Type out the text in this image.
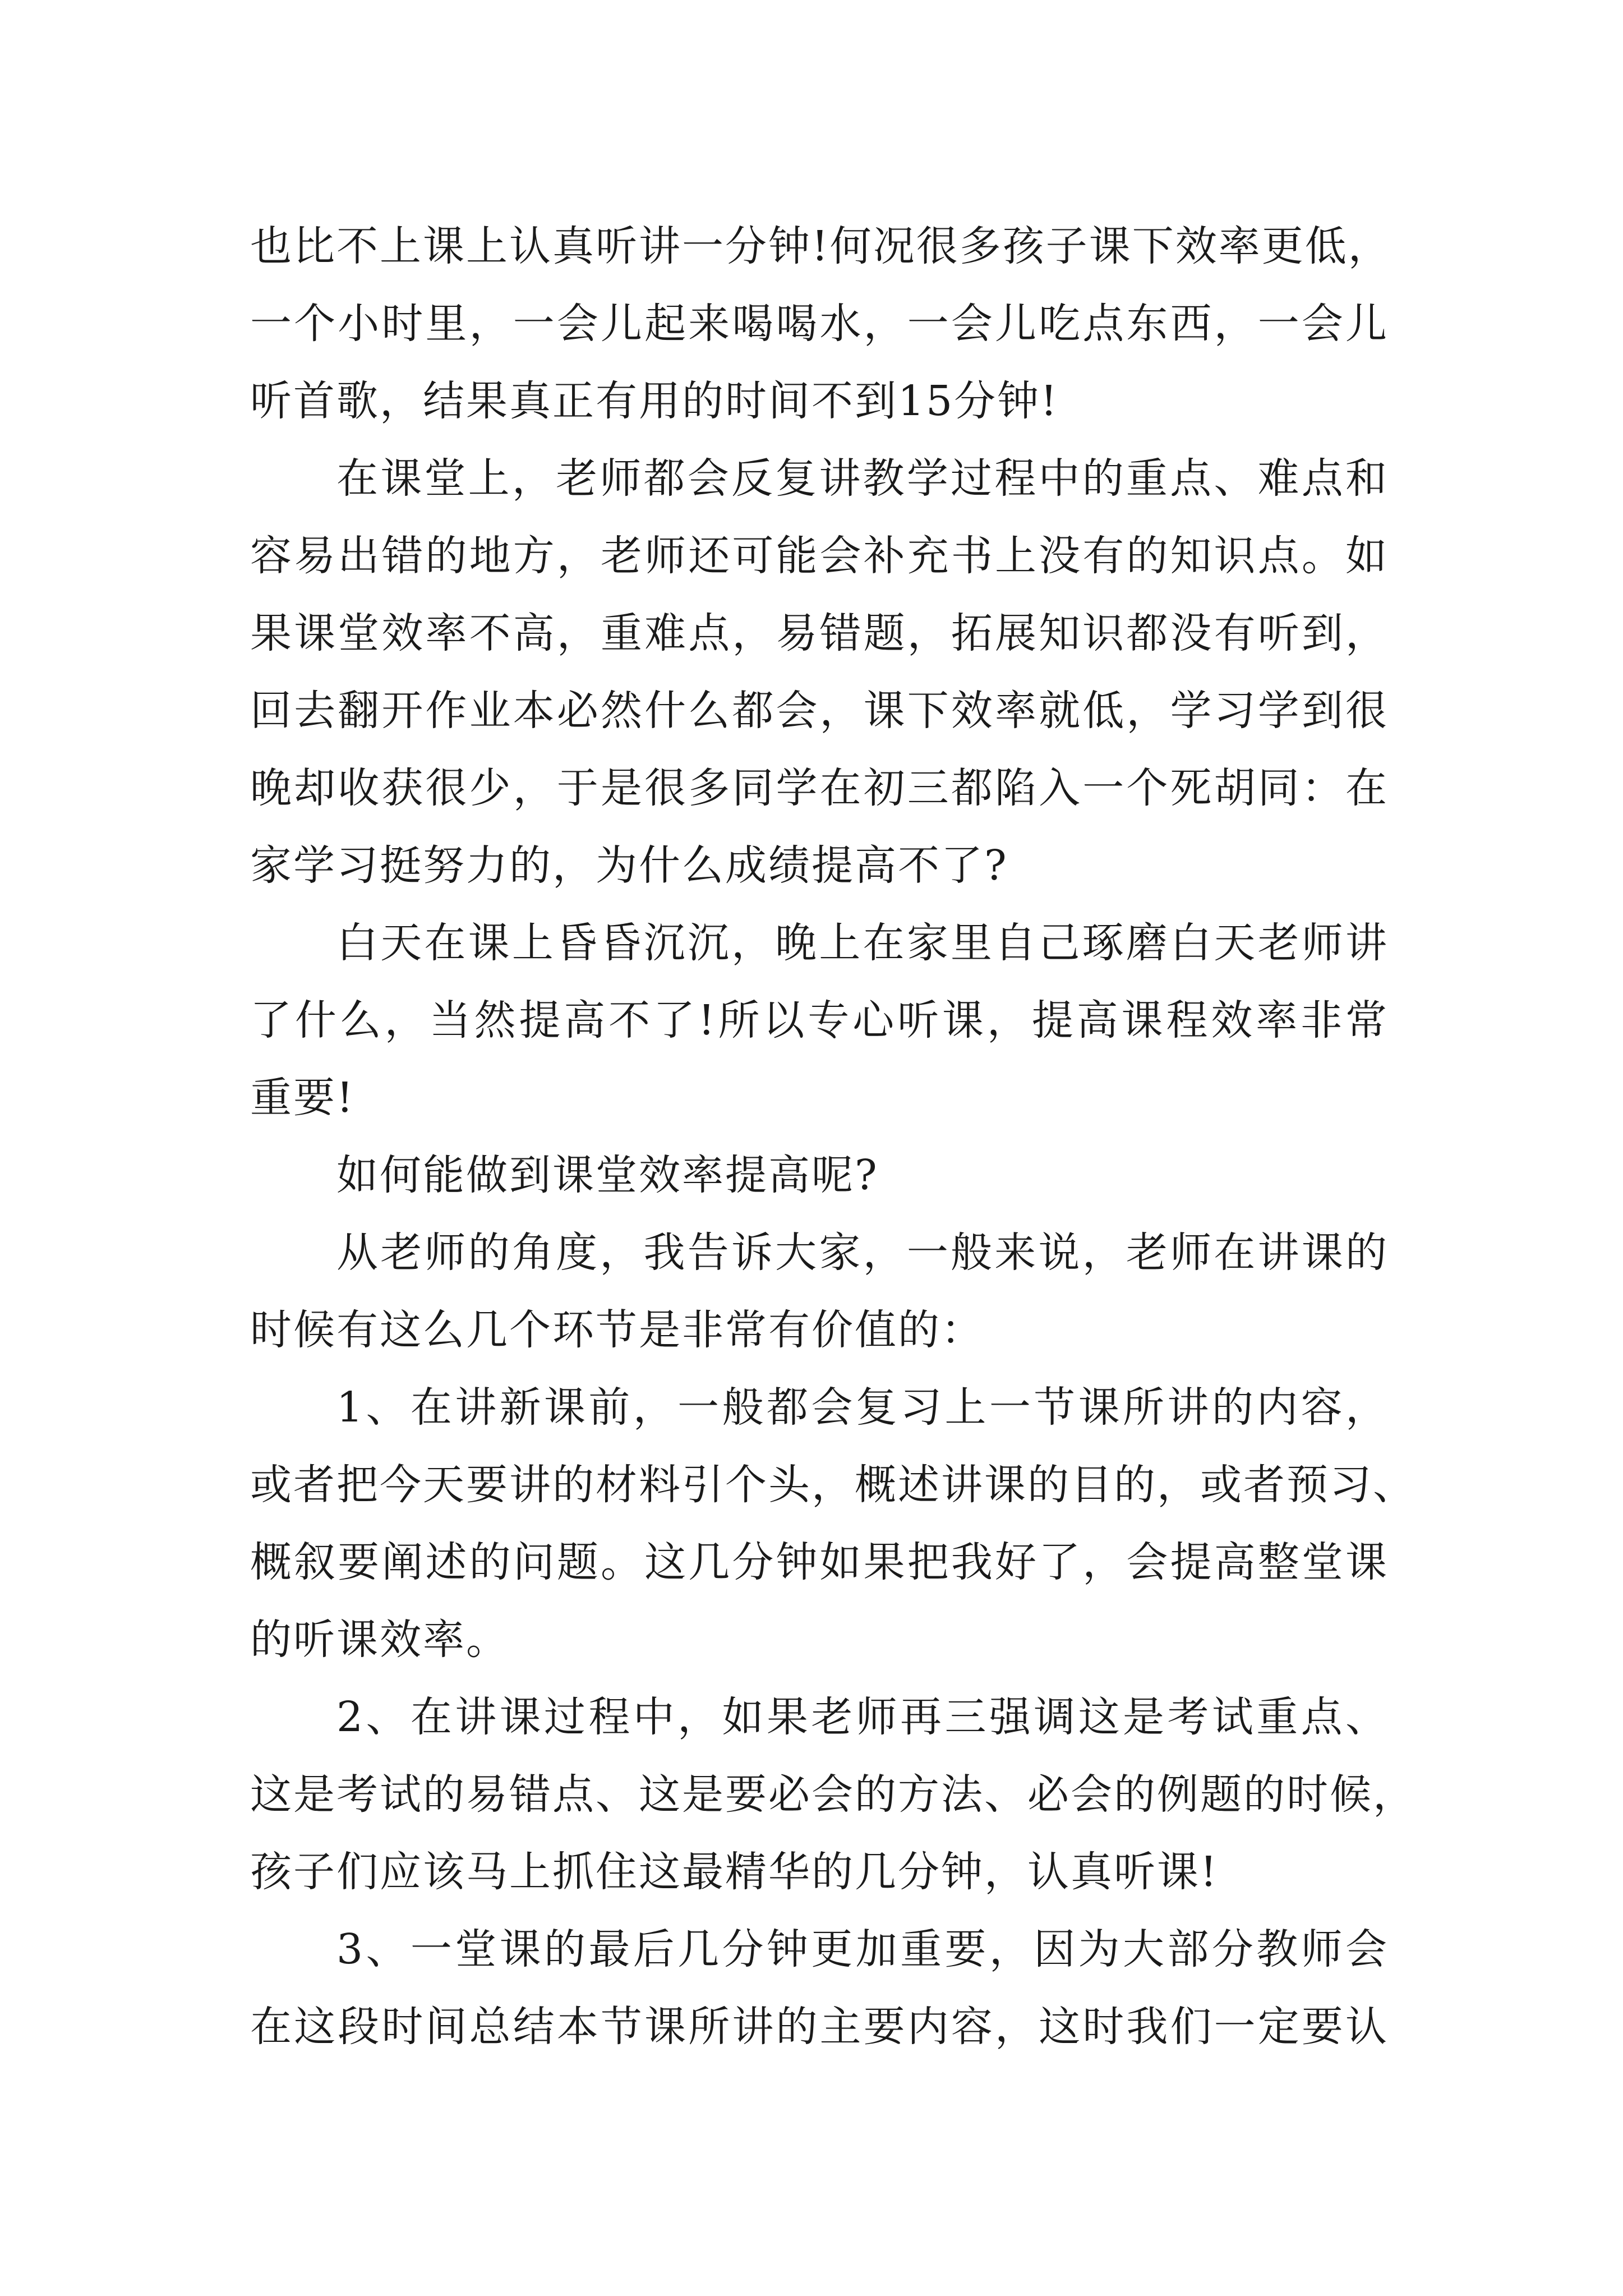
也比不上课上认真听讲一分钟!何况很多孩子课下效率更低，
一个小时里，一会儿起来喝喝水，一会儿吃点东西，一会儿
听首歌，结果真正有用的时间不到15分钟!
在课堂上，老师都会反复讲教学过程中的重点、难点和
容易出错的地方，老师还可能会补充书上没有的知识点。如
果课堂效率不高，重难点，易错题，拓展知识都没有听到，
回去翻开作业本必然什么都会，课下效率就低，学习学到很
晚却收获很少，于是很多同学在初三都陷入一个死胡同：在
家学习挺努力的，为什么成绩提高不了?
白天在课上昏昏沉沉，晚上在家里自己琢磨白天老师讲
了什么，当然提高不了!所以专心听课，提高课程效率非常
重要!
如何能做到课堂效率提高呢?
从老师的角度，我告诉大家，一般来说，老师在讲课的
时候有这么几个环节是非常有价值的：
1、在讲新课前，一般都会复习上一节课所讲的内容，
或者把今天要讲的材料引个头，概述讲课的目的，或者预习、
概叙要阐述的问题。这几分钟如果把我好了，会提高整堂课
的听课效率。
2、在讲课过程中，如果老师再三强调这是考试重点、
这是考试的易错点、这是要必会的方法、必会的例题的时候，
孩子们应该马上抓住这最精华的几分钟，认真听课!
3、一堂课的最后几分钟更加重要，因为大部分教师会
在这段时间总结本节课所讲的主要内容，这时我们一定要认
